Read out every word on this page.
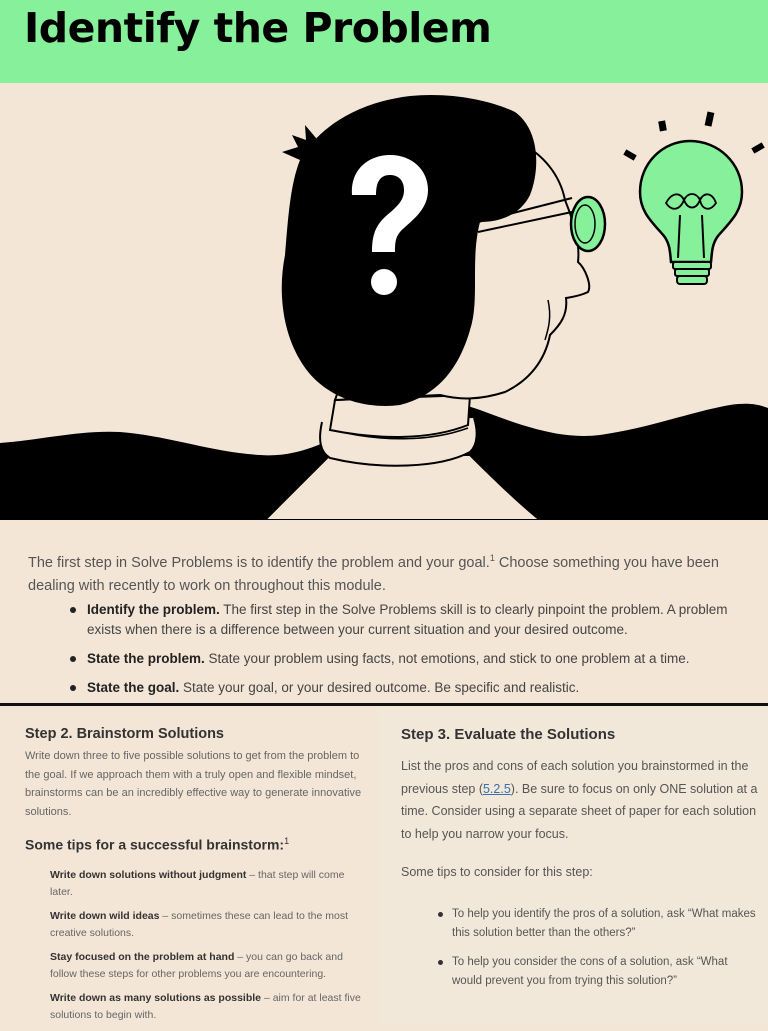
Identify the Problem

The first step in Solve Problems is to identify the problem and your goal.$^1$ Choose something you have been dealing with recently to work on throughout this module.

Identify the problem. The first step in the Solve Problems skill is to clearly pinpoint the problem. A problem exists when there is a difference between your current situation and your desired outcome.
State the problem. State your problem using facts, not emotions, and stick to one problem at a time.
State the goal. State your goal, or your desired outcome. Be specific and realistic.
Step 2. Brainstorm Solutions
Write down three to five possible solutions to get from the problem to the goal. If we approach them with a truly open and flexible mindset, brainstorms can be an incredibly effective way to generate innovative solutions.
Some tips for a successful brainstorm:$^1$
Write down solutions without judgment – that step will come later.
Write down wild ideas – sometimes these can lead to the most creative solutions.
Stay focused on the problem at hand – you can go back and follow these steps for other problems you are encountering.
Write down as many solutions as possible – aim for at least five solutions to begin with.
Step 3. Evaluate the Solutions
List the pros and cons of each solution you brainstormed in the previous step (5.2.5). Be sure to focus on only ONE solution at a time. Consider using a separate sheet of paper for each solution to help you narrow your focus.
Some tips to consider for this step:
To help you identify the pros of a solution, ask “What makes this solution better than the others?”
To help you consider the cons of a solution, ask “What would prevent you from trying this solution?”
